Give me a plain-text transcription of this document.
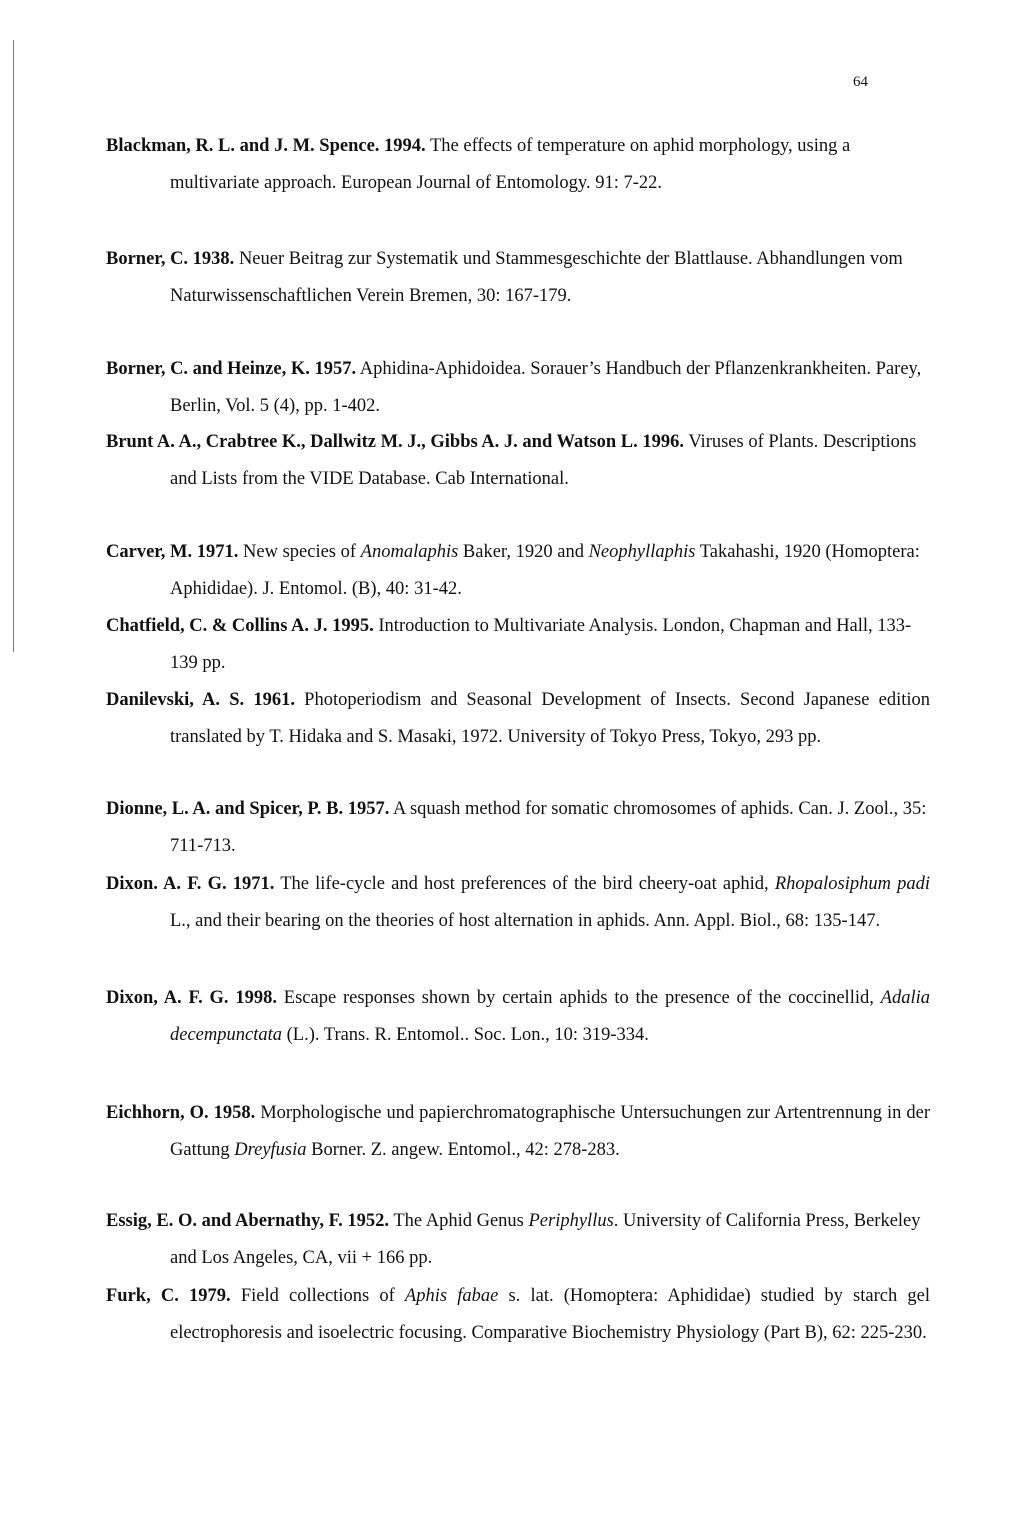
64

Blackman, R. L. and J. M. Spence. 1994. The effects of temperature on aphid morphology, using a multivariate approach. European Journal of Entomology. 91: 7-22.

Borner, C. 1938. Neuer Beitrag zur Systematik und Stammesgeschichte der Blattlause. Abhandlungen vom Naturwissenschaftlichen Verein Bremen, 30: 167-179.

Borner, C. and Heinze, K. 1957. Aphidina-Aphidoidea. Sorauer’s Handbuch der Pflanzenkrankheiten. Parey, Berlin, Vol. 5 (4), pp. 1-402.

Brunt A. A., Crabtree K., Dallwitz M. J., Gibbs A. J. and Watson L. 1996. Viruses of Plants. Descriptions and Lists from the VIDE Database. Cab International.

Carver, M. 1971. New species of Anomalaphis Baker, 1920 and Neophyllaphis Takahashi, 1920 (Homoptera: Aphididae). J. Entomol. (B), 40: 31-42.

Chatfield, C. & Collins A. J. 1995. Introduction to Multivariate Analysis. London, Chapman and Hall, 133-139 pp.

Danilevski, A. S. 1961. Photoperiodism and Seasonal Development of Insects. Second Japanese edition translated by T. Hidaka and S. Masaki, 1972. University of Tokyo Press, Tokyo, 293 pp.

Dionne, L. A. and Spicer, P. B. 1957. A squash method for somatic chromosomes of aphids. Can. J. Zool., 35: 711-713.

Dixon. A. F. G. 1971. The life-cycle and host preferences of the bird cheery-oat aphid, Rhopalosiphum padi L., and their bearing on the theories of host alternation in aphids. Ann. Appl. Biol., 68: 135-147.

Dixon, A. F. G. 1998. Escape responses shown by certain aphids to the presence of the coccinellid, Adalia decempunctata (L.). Trans. R. Entomol.. Soc. Lon., 10: 319-334.

Eichhorn, O. 1958. Morphologische und papierchromatographische Untersuchungen zur Artentrennung in der Gattung Dreyfusia Borner. Z. angew. Entomol., 42: 278-283.

Essig, E. O. and Abernathy, F. 1952. The Aphid Genus Periphyllus. University of California Press, Berkeley and Los Angeles, CA, vii + 166 pp.

Furk, C. 1979. Field collections of Aphis fabae s. lat. (Homoptera: Aphididae) studied by starch gel electrophoresis and isoelectric focusing. Comparative Biochemistry Physiology (Part B), 62: 225-230.
